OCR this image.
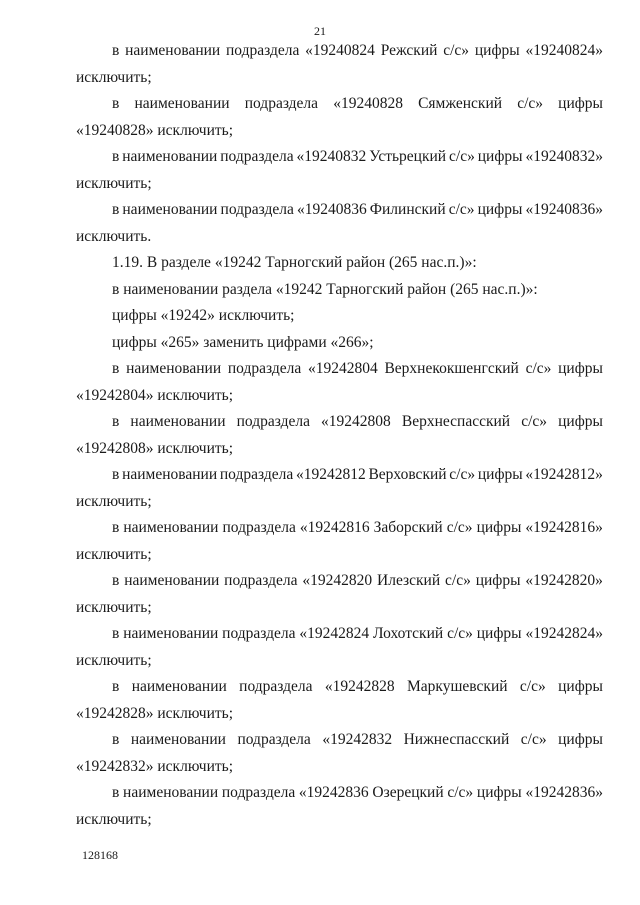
21
в наименовании подраздела «19240824 Режский с/с» цифры «19240824»
исключить;
в наименовании подраздела «19240828 Сямженский с/с» цифры
«19240828» исключить;
в наименовании подраздела «19240832 Устьрецкий с/с» цифры «19240832»
исключить;
в наименовании подраздела «19240836 Филинский с/с» цифры «19240836»
исключить.
1.19. В разделе «19242 Тарногский район (265 нас.п.)»:
в наименовании раздела «19242 Тарногский район (265 нас.п.)»:
цифры «19242» исключить;
цифры «265» заменить цифрами «266»;
в наименовании подраздела «19242804 Верхнекокшенгский с/с» цифры
«19242804» исключить;
в наименовании подраздела «19242808 Верхнеспасский с/с» цифры
«19242808» исключить;
в наименовании подраздела «19242812 Верховский с/с» цифры «19242812»
исключить;
в наименовании подраздела «19242816 Заборский с/с» цифры «19242816»
исключить;
в наименовании подраздела «19242820 Илезский с/с» цифры «19242820»
исключить;
в наименовании подраздела «19242824 Лохотский с/с» цифры «19242824»
исключить;
в наименовании подраздела «19242828 Маркушевский с/с» цифры
«19242828» исключить;
в наименовании подраздела «19242832 Нижнеспасский с/с» цифры
«19242832» исключить;
в наименовании подраздела «19242836 Озерецкий с/с» цифры «19242836»
исключить;
128168
